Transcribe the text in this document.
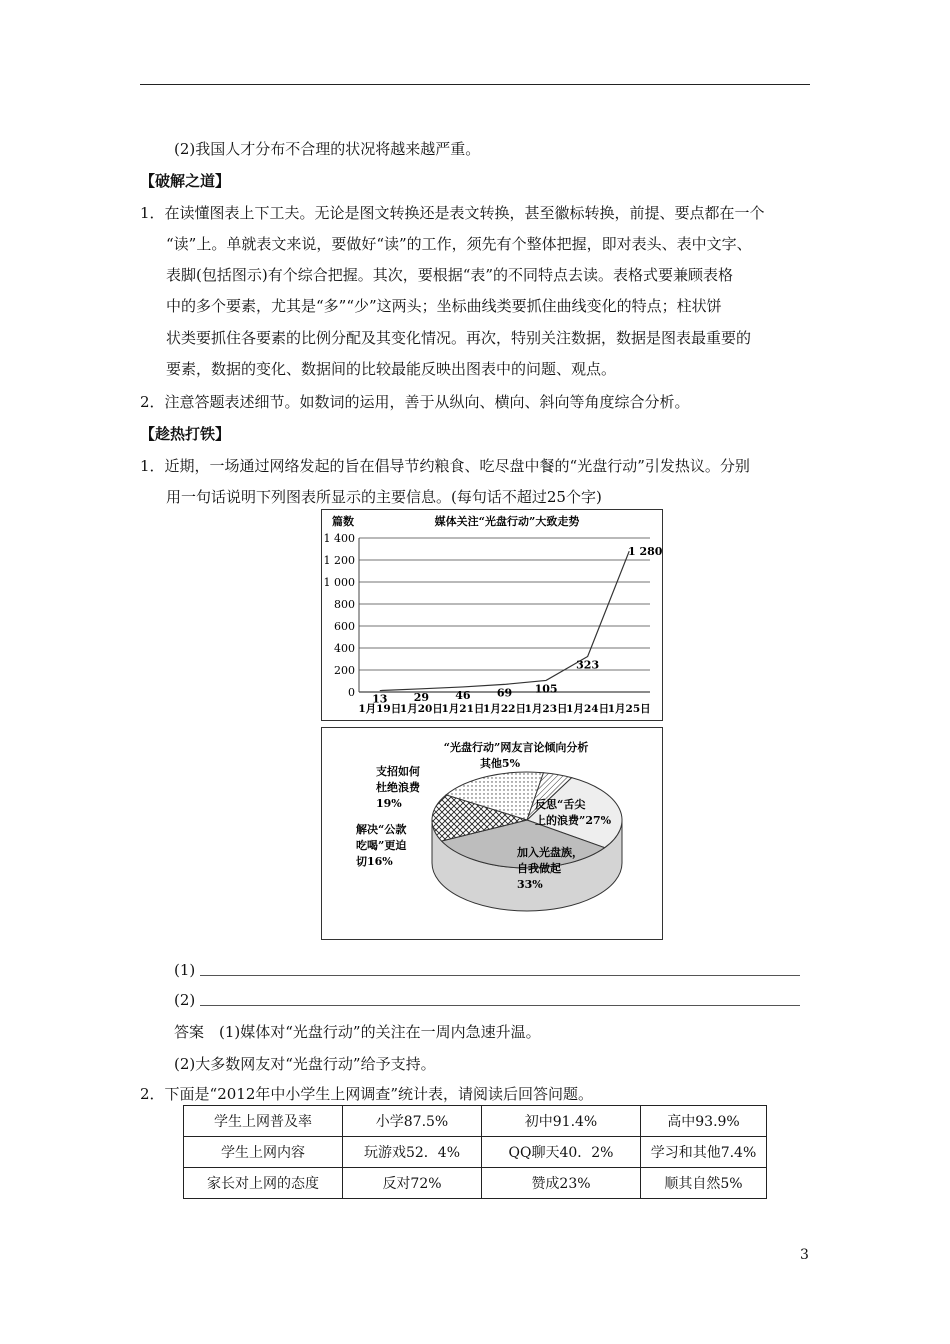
(2)我国人才分布不合理的状况将越来越严重。
【破解之道】
1．在读懂图表上下工夫。无论是图文转换还是表文转换，甚至徽标转换，前提、要点都在一个
“读”上。单就表文来说，要做好“读”的工作，须先有个整体把握，即对表头、表中文字、
表脚(包括图示)有个综合把握。其次，要根据“表”的不同特点去读。表格式要兼顾表格
中的多个要素，尤其是“多”“少”这两头；坐标曲线类要抓住曲线变化的特点；柱状饼
状类要抓住各要素的比例分配及其变化情况。再次，特别关注数据，数据是图表最重要的
要素，数据的变化、数据间的比较最能反映出图表中的问题、观点。
2．注意答题表述细节。如数词的运用，善于从纵向、横向、斜向等角度综合分析。
【趁热打铁】
1．近期，一场通过网络发起的旨在倡导节约粮食、吃尽盘中餐的“光盘行动”引发热议。分别
用一句话说明下列图表所显示的主要信息。(每句话不超过25个字)
篇数	媒体关注“光盘行动”大致走势
1 400
1 200
1 000
800
600
400
200
0
1月19日
1月20日
1月21日
1月22日
1月23日
1月24日
1月25日
13 29 46 69 105
323
1 280
“光盘行动”网友言论倾向分析
其他5%
反思“舌尖
上的浪费”27%
加入光盘族，
自我做起
33%
解决“公款
吃喝”更迫
切16%
支招如何
杜绝浪费
19%
(1)
(2)
答案　(1)媒体对“光盘行动”的关注在一周内急速升温。
(2)大多数网友对“光盘行动”给予支持。
2．下面是“2012年中小学生上网调查”统计表，请阅读后回答问题。
学生上网普及率	小学87.5%	初中91.4%	高中93.9%
学生上网内容	玩游戏52．4%	QQ聊天40．2%	学习和其他7.4%
家长对上网的态度	反对72%	赞成23%	顺其自然5%
3
